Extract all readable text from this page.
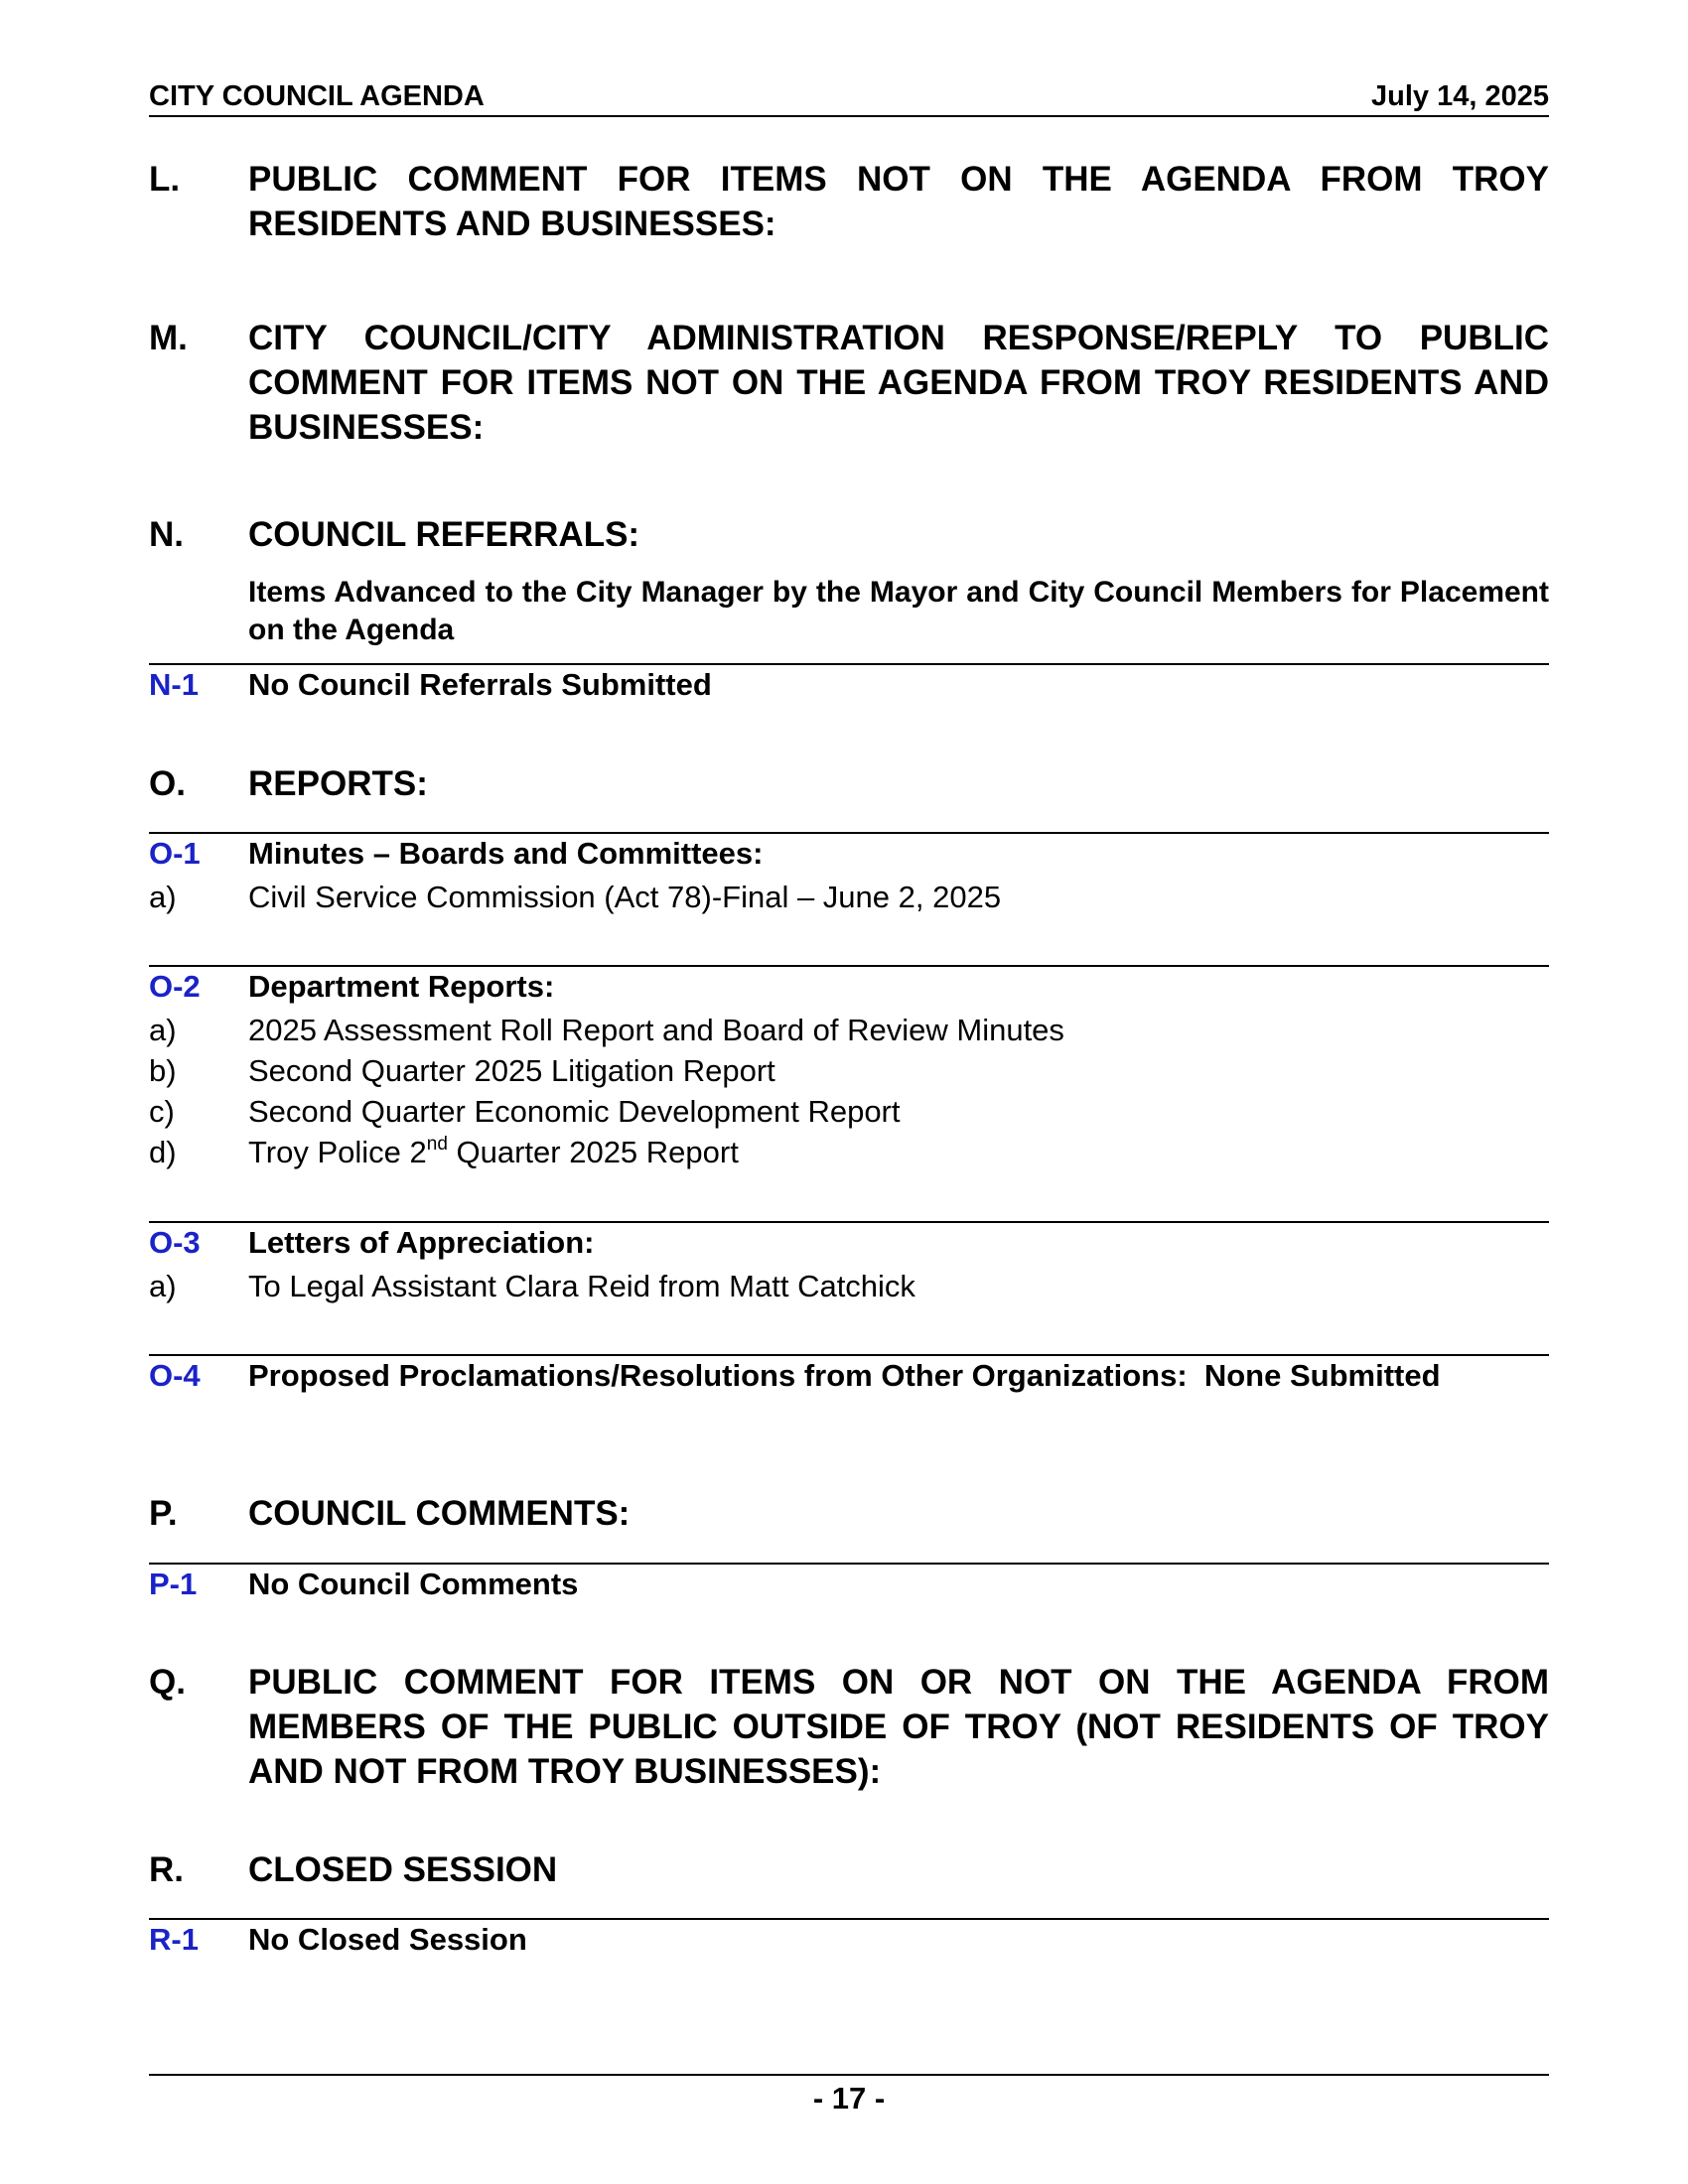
CITY COUNCIL AGENDA	July 14, 2025
L.	PUBLIC COMMENT FOR ITEMS NOT ON THE AGENDA FROM TROY RESIDENTS AND BUSINESSES:
M.	CITY COUNCIL/CITY ADMINISTRATION RESPONSE/REPLY TO PUBLIC COMMENT FOR ITEMS NOT ON THE AGENDA FROM TROY RESIDENTS AND BUSINESSES:
N.	COUNCIL REFERRALS:
Items Advanced to the City Manager by the Mayor and City Council Members for Placement on the Agenda
N-1	No Council Referrals Submitted
O.	REPORTS:
O-1	Minutes – Boards and Committees:
a)	Civil Service Commission (Act 78)-Final – June 2, 2025
O-2	Department Reports:
a)	2025 Assessment Roll Report and Board of Review Minutes
b)	Second Quarter 2025 Litigation Report
c)	Second Quarter Economic Development Report
d)	Troy Police 2nd Quarter 2025 Report
O-3	Letters of Appreciation:
a)	To Legal Assistant Clara Reid from Matt Catchick
O-4	Proposed Proclamations/Resolutions from Other Organizations:  None Submitted
P.	COUNCIL COMMENTS:
P-1	No Council Comments
Q.	PUBLIC COMMENT FOR ITEMS ON OR NOT ON THE AGENDA FROM MEMBERS OF THE PUBLIC OUTSIDE OF TROY (NOT RESIDENTS OF TROY AND NOT FROM TROY BUSINESSES):
R.	CLOSED SESSION
R-1	No Closed Session
- 17 -
